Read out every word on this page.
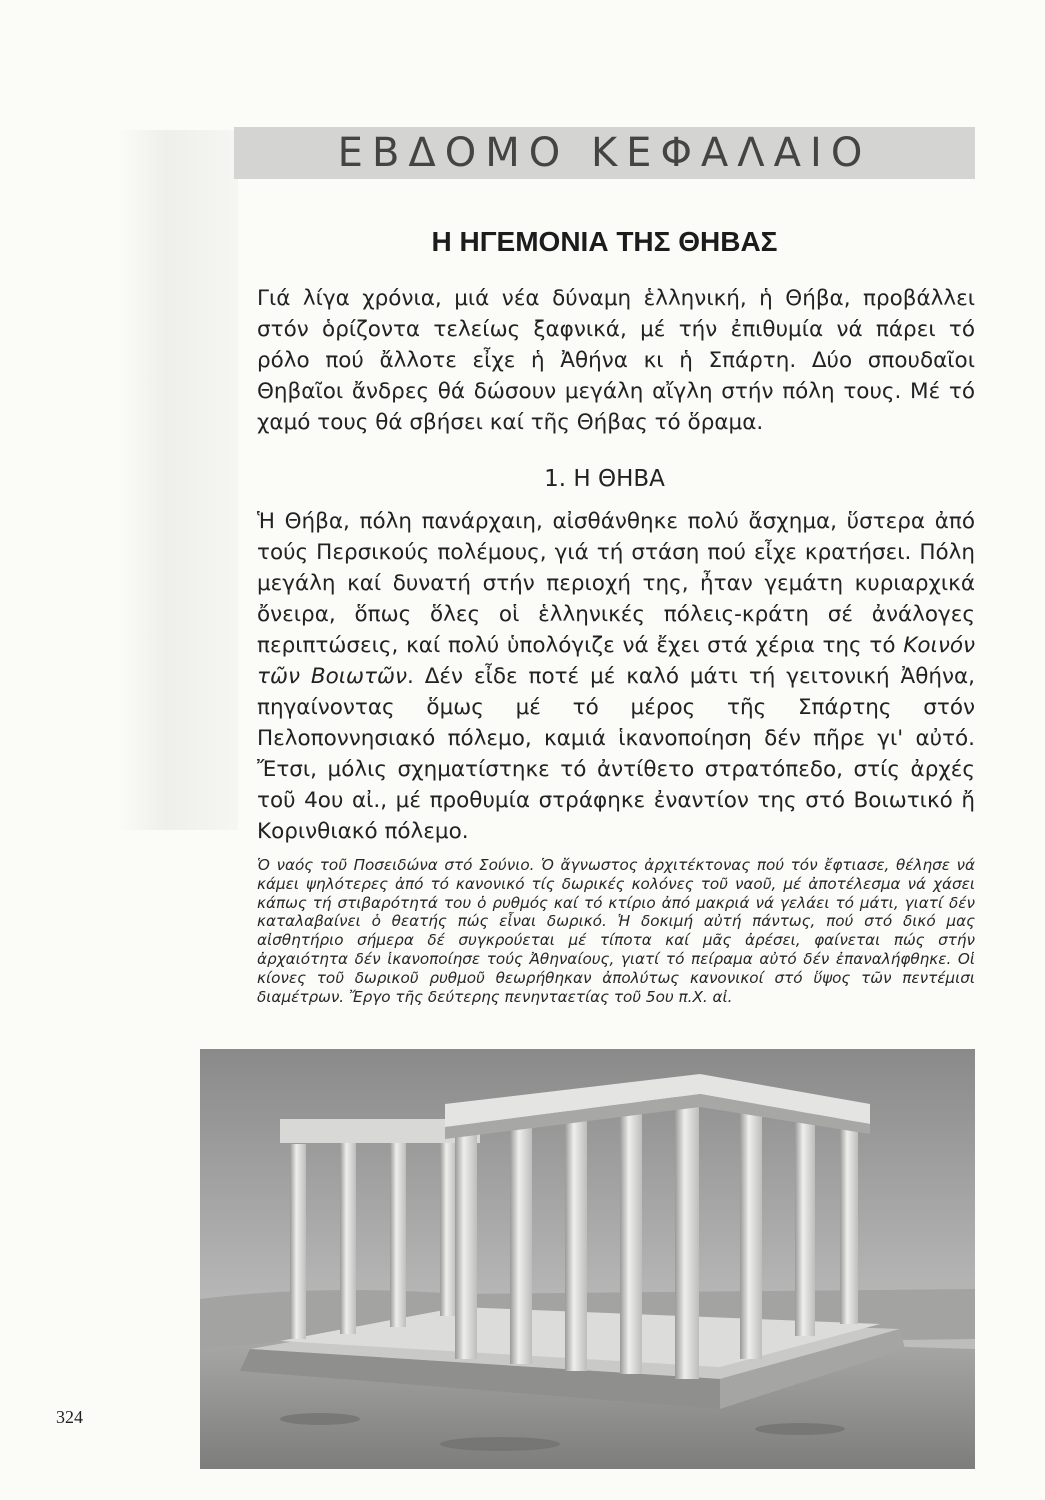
ΕΒΔΟΜΟ ΚΕΦΑΛΑΙΟ
Η ΗΓΕΜΟΝΙΑ ΤΗΣ ΘΗΒΑΣ
Γιά λίγα χρόνια, μιά νέα δύναμη ἑλληνική, ἡ Θήβα, προβάλλει στόν ὁρίζοντα τελείως ξαφνικά, μέ τήν ἐπιθυμία νά πάρει τό ρόλο πού ἄλλοτε εἶχε ἡ Ἀθήνα κι ἡ Σπάρτη. Δύο σπουδαῖοι Θηβαῖοι ἄνδρες θά δώσουν μεγάλη αἴγλη στήν πόλη τους. Μέ τό χαμό τους θά σβήσει καί τῆς Θήβας τό ὅραμα.
1. Η ΘΗΒΑ
Ἡ Θήβα, πόλη πανάρχαιη, αἰσθάνθηκε πολύ ἄσχημα, ὕστερα ἀπό τούς Περσικούς πολέμους, γιά τή στάση πού εἶχε κρατήσει. Πόλη μεγάλη καί δυνατή στήν περιοχή της, ἦταν γεμάτη κυριαρχικά ὄνειρα, ὅπως ὅλες οἱ ἑλληνικές πόλεις-κράτη σέ ἀνάλογες περιπτώσεις, καί πολύ ὑπολόγιζε νά ἔχει στά χέρια της τό Κοινόν τῶν Βοιωτῶν. Δέν εἶδε ποτέ μέ καλό μάτι τή γειτονική Ἀθήνα, πηγαίνοντας ὅμως μέ τό μέρος τῆς Σπάρτης στόν Πελοποννησιακό πόλεμο, καμιά ἱκανοποίηση δέν πῆρε γι' αὐτό. Ἔτσι, μόλις σχηματίστηκε τό ἀντίθετο στρατόπεδο, στίς ἀρχές τοῦ 4ου αἰ., μέ προθυμία στράφηκε ἐναντίον της στό Βοιωτικό ἤ Κορινθιακό πόλεμο.
Ὁ ναός τοῦ Ποσειδώνα στό Σούνιο. Ὁ ἄγνωστος ἀρχιτέκτονας πού τόν ἔφτιασε, θέλησε νά κάμει ψηλότερες ἀπό τό κανονικό τίς δωρικές κολόνες τοῦ ναοῦ, μέ ἀποτέλεσμα νά χάσει κάπως τή στιβαρότητά του ὁ ρυθμός καί τό κτίριο ἀπό μακριά νά γελάει τό μάτι, γιατί δέν καταλαβαίνει ὁ θεατής πώς εἶναι δωρικό. Ἡ δοκιμή αὐτή πάντως, πού στό δικό μας αἰσθητήριο σήμερα δέ συγκρούεται μέ τίποτα καί μᾶς ἀρέσει, φαίνεται πώς στήν ἀρχαιότητα δέν ἱκανοποίησε τούς Ἀθηναίους, γιατί τό πείραμα αὐτό δέν ἐπαναλήφθηκε. Οἱ κίονες τοῦ δωρικοῦ ρυθμοῦ θεωρήθηκαν ἀπολύτως κανονικοί στό ὕψος τῶν πεντέμισι διαμέτρων. Ἔργο τῆς δεύτερης πενηνταετίας τοῦ 5ου π.Χ. αἰ.
324
